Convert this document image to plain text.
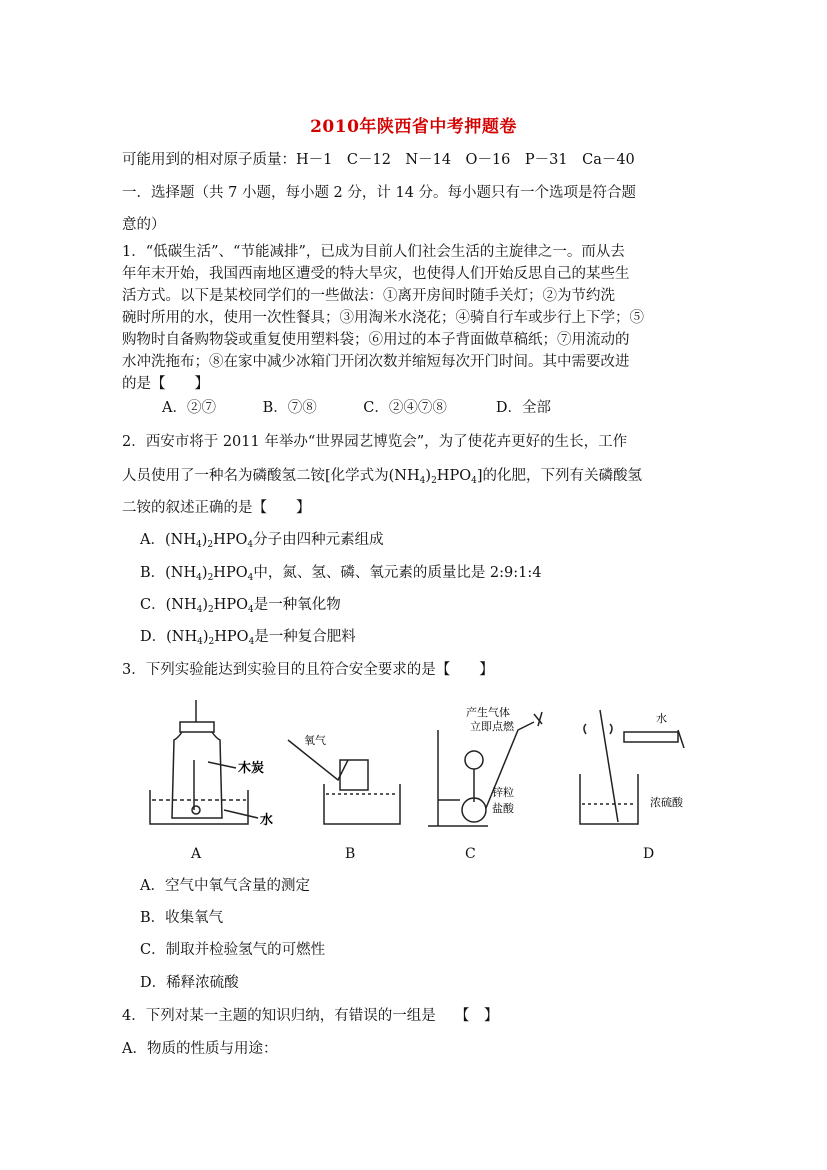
2010年陕西省中考押题卷
可能用到的相对原子质量：H－1　C－12　N－14　O－16　P－31　Ca－40
一．选择题（共 7 小题，每小题 2 分，计 14 分。每小题只有一个选项是符合题
意的）
1．“低碳生活”、“节能减排”，已成为目前人们社会生活的主旋律之一。而从去
年年末开始，我国西南地区遭受的特大旱灾，也使得人们开始反思自己的某些生
活方式。以下是某校同学们的一些做法：①离开房间时随手关灯；②为节约洗
碗时所用的水，使用一次性餐具；③用淘米水浇花；④骑自行车或步行上下学；⑤
购物时自备购物袋或重复使用塑料袋；⑥用过的本子背面做草稿纸；⑦用流动的
水冲洗拖布；⑧在家中减少冰箱门开闭次数并缩短每次开门时间。其中需要改进
的是【　　】
A．②⑦	B．⑦⑧	C．②④⑦⑧	D．全部
2．西安市将于 2011 年举办“世界园艺博览会”，为了使花卉更好的生长，工作
人员使用了一种名为磷酸氢二铵[化学式为$(NH_4)_2HPO_4$]的化肥，下列有关磷酸氢
二铵的叙述正确的是【　　】
A．$(NH_4)_2HPO_4$分子由四种元素组成
B．$(NH_4)_2HPO_4$中，氮、氢、磷、氧元素的质量比是 2:9:1:4
C．$(NH_4)_2HPO_4$是一种氧化物
D．$(NH_4)_2HPO_4$是一种复合肥料
3．下列实验能达到实验目的且符合安全要求的是【　　】
木炭
水
氧气
产生气体
立即点燃
锌粒
盐酸
水
浓硫酸
A	B	C	D
A．空气中氧气含量的测定
B．收集氧气
C．制取并检验氢气的可燃性
D．稀释浓硫酸
4．下列对某一主题的知识归纳，有错误的一组是　 【　】
A．物质的性质与用途：
